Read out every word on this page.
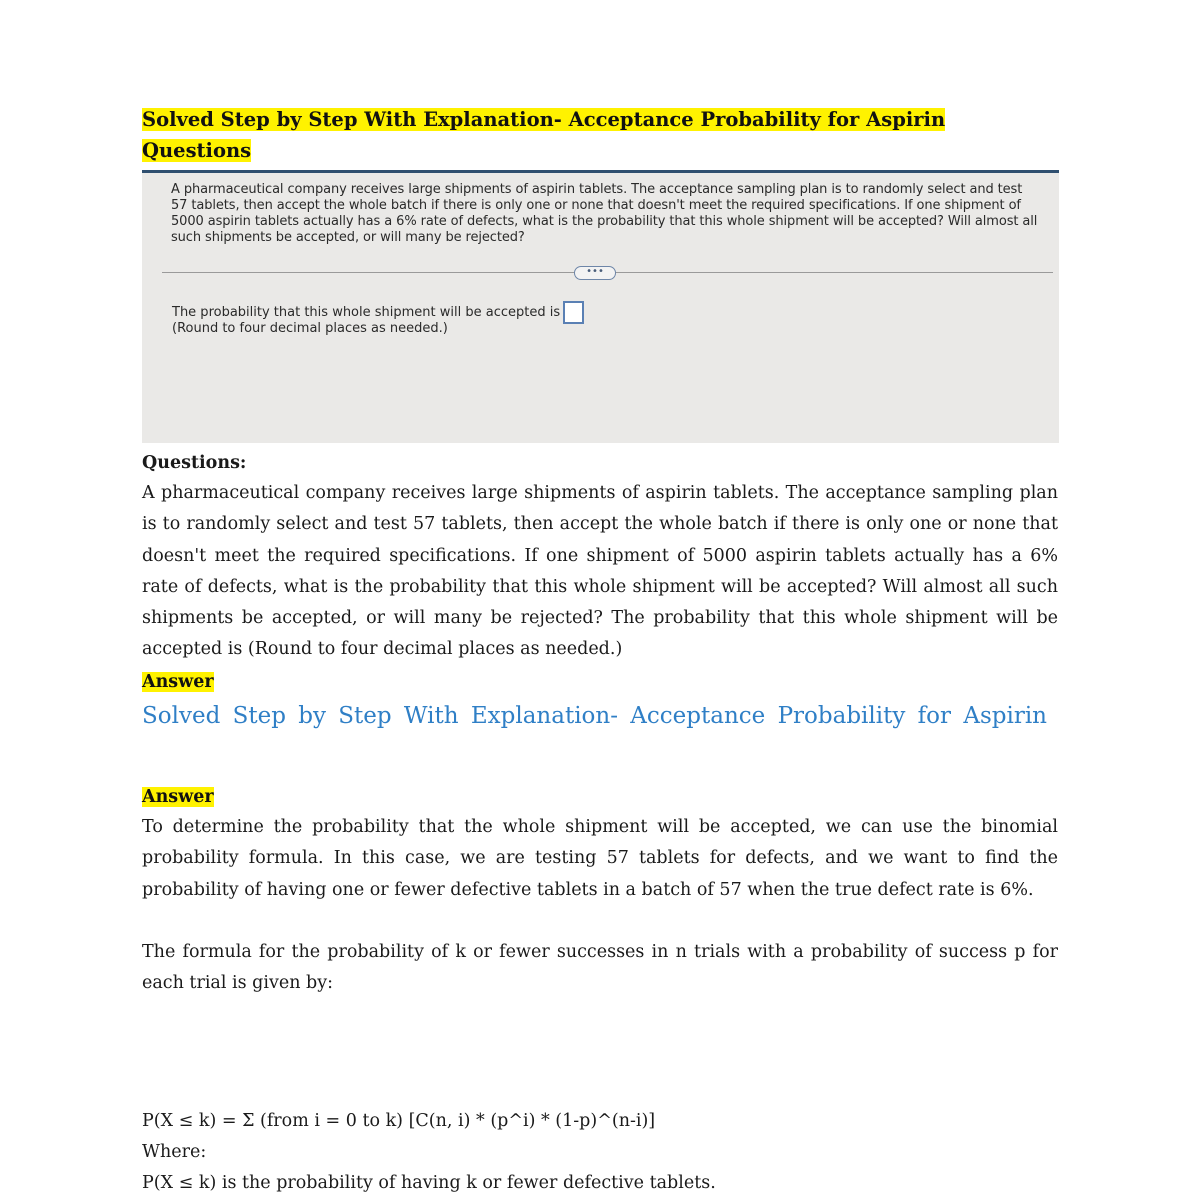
Solved Step by Step With Explanation- Acceptance Probability for Aspirin
Questions
A pharmaceutical company receives large shipments of aspirin tablets. The acceptance sampling plan is to randomly select and test 57 tablets, then accept the whole batch if there is only one or none that doesn't meet the required specifications. If one shipment of 5000 aspirin tablets actually has a 6% rate of defects, what is the probability that this whole shipment will be accepted? Will almost all such shipments be accepted, or will many be rejected?
•••
The probability that this whole shipment will be accepted is
(Round to four decimal places as needed.)
Questions:
A pharmaceutical company receives large shipments of aspirin tablets. The acceptance sampling plan is to randomly select and test 57 tablets, then accept the whole batch if there is only one or none that doesn't meet the required specifications. If one shipment of 5000 aspirin tablets actually has a 6% rate of defects, what is the probability that this whole shipment will be accepted? Will almost all such shipments be accepted, or will many be rejected? The probability that this whole shipment will be accepted is (Round to four decimal places as needed.)
Answer
Solved Step by Step With Explanation- Acceptance Probability for Aspirin
Answer
To determine the probability that the whole shipment will be accepted, we can use the binomial probability formula. In this case, we are testing 57 tablets for defects, and we want to find the probability of having one or fewer defective tablets in a batch of 57 when the true defect rate is 6%.
The formula for the probability of k or fewer successes in n trials with a probability of success p for each trial is given by:
P(X ≤ k) = Σ (from i = 0 to k) [C(n, i) * (p^i) * (1-p)^(n-i)]
Where:
P(X ≤ k) is the probability of having k or fewer defective tablets.
